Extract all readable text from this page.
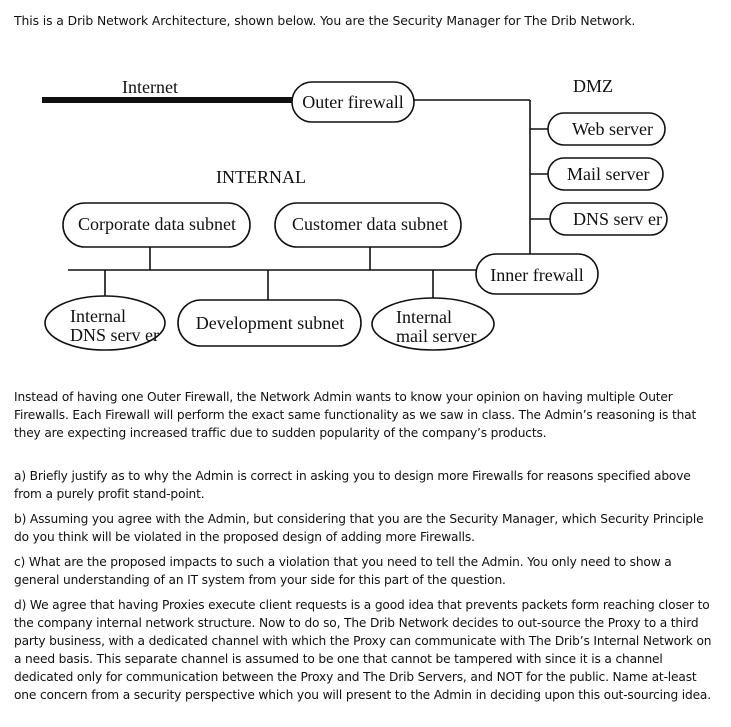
This is a Drib Network Architecture, shown below. You are the Security Manager for The Drib Network.
Internet
Outer firewall
DMZ
Web server
Mail server
DNS serv er
INTERNAL
Inner frewall
Corporate data subnet	Customer data subnet
Internal
DNS serv er
Development subnet	Internal
mail server

Instead of having one Outer Firewall, the Network Admin wants to know your opinion on having multiple Outer Firewalls. Each Firewall will perform the exact same functionality as we saw in class. The Admin’s reasoning is that they are expecting increased traffic due to sudden popularity of the company’s products.

a) Briefly justify as to why the Admin is correct in asking you to design more Firewalls for reasons specified above from a purely profit stand-point.

b) Assuming you agree with the Admin, but considering that you are the Security Manager, which Security Principle do you think will be violated in the proposed design of adding more Firewalls.

c) What are the proposed impacts to such a violation that you need to tell the Admin. You only need to show a general understanding of an IT system from your side for this part of the question.

d) We agree that having Proxies execute client requests is a good idea that prevents packets form reaching closer to the company internal network structure. Now to do so, The Drib Network decides to out-source the Proxy to a third party business, with a dedicated channel with which the Proxy can communicate with The Drib’s Internal Network on a need basis. This separate channel is assumed to be one that cannot be tampered with since it is a channel dedicated only for communication between the Proxy and The Drib Servers, and NOT for the public. Name at-least one concern from a security perspective which you will present to the Admin in deciding upon this out-sourcing idea.
